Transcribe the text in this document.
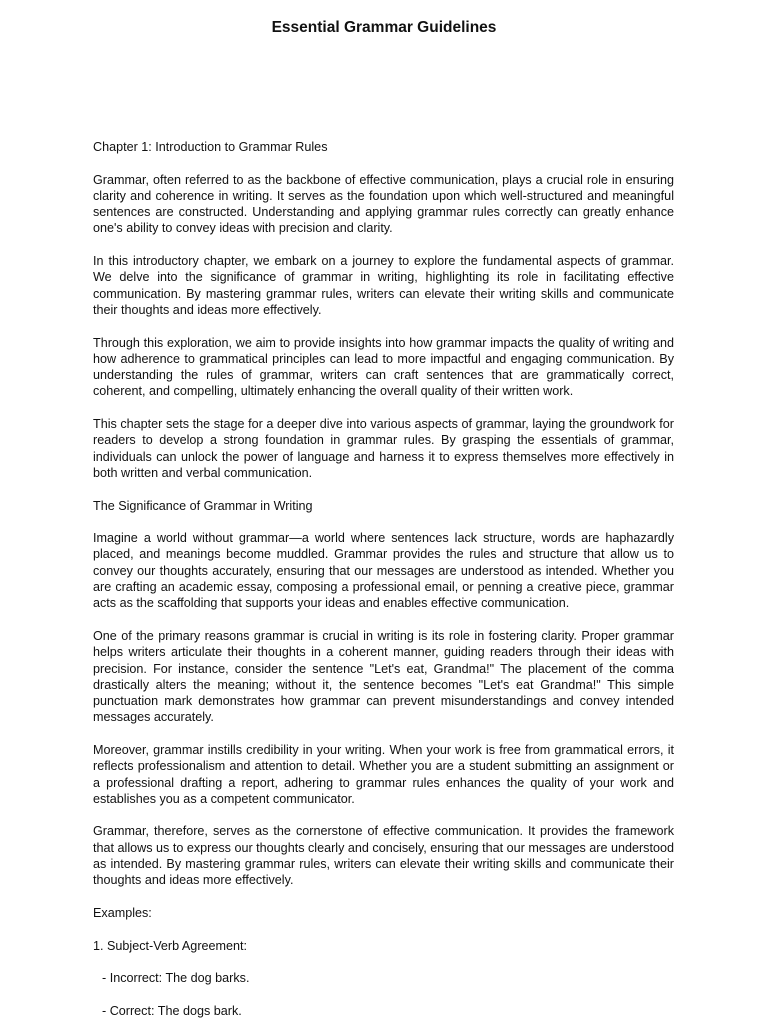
Essential Grammar Guidelines

Chapter 1: Introduction to Grammar Rules

Grammar, often referred to as the backbone of effective communication, plays a crucial role in ensuring clarity and coherence in writing. It serves as the foundation upon which well-structured and meaningful sentences are constructed. Understanding and applying grammar rules correctly can greatly enhance one's ability to convey ideas with precision and clarity.

In this introductory chapter, we embark on a journey to explore the fundamental aspects of grammar. We delve into the significance of grammar in writing, highlighting its role in facilitating effective communication. By mastering grammar rules, writers can elevate their writing skills and communicate their thoughts and ideas more effectively.

Through this exploration, we aim to provide insights into how grammar impacts the quality of writing and how adherence to grammatical principles can lead to more impactful and engaging communication. By understanding the rules of grammar, writers can craft sentences that are grammatically correct, coherent, and compelling, ultimately enhancing the overall quality of their written work.

This chapter sets the stage for a deeper dive into various aspects of grammar, laying the groundwork for readers to develop a strong foundation in grammar rules. By grasping the essentials of grammar, individuals can unlock the power of language and harness it to express themselves more effectively in both written and verbal communication.

The Significance of Grammar in Writing

Imagine a world without grammar—a world where sentences lack structure, words are haphazardly placed, and meanings become muddled. Grammar provides the rules and structure that allow us to convey our thoughts accurately, ensuring that our messages are understood as intended. Whether you are crafting an academic essay, composing a professional email, or penning a creative piece, grammar acts as the scaffolding that supports your ideas and enables effective communication.

One of the primary reasons grammar is crucial in writing is its role in fostering clarity. Proper grammar helps writers articulate their thoughts in a coherent manner, guiding readers through their ideas with precision. For instance, consider the sentence "Let's eat, Grandma!" The placement of the comma drastically alters the meaning; without it, the sentence becomes "Let's eat Grandma!" This simple punctuation mark demonstrates how grammar can prevent misunderstandings and convey intended messages accurately.

Moreover, grammar instills credibility in your writing. When your work is free from grammatical errors, it reflects professionalism and attention to detail. Whether you are a student submitting an assignment or a professional drafting a report, adhering to grammar rules enhances the quality of your work and establishes you as a competent communicator.

Grammar, therefore, serves as the cornerstone of effective communication. It provides the framework that allows us to express our thoughts clearly and concisely, ensuring that our messages are understood as intended. By mastering grammar rules, writers can elevate their writing skills and communicate their thoughts and ideas more effectively.

Examples:

1. Subject-Verb Agreement:

- Incorrect: The dog barks.

- Correct: The dogs bark.
